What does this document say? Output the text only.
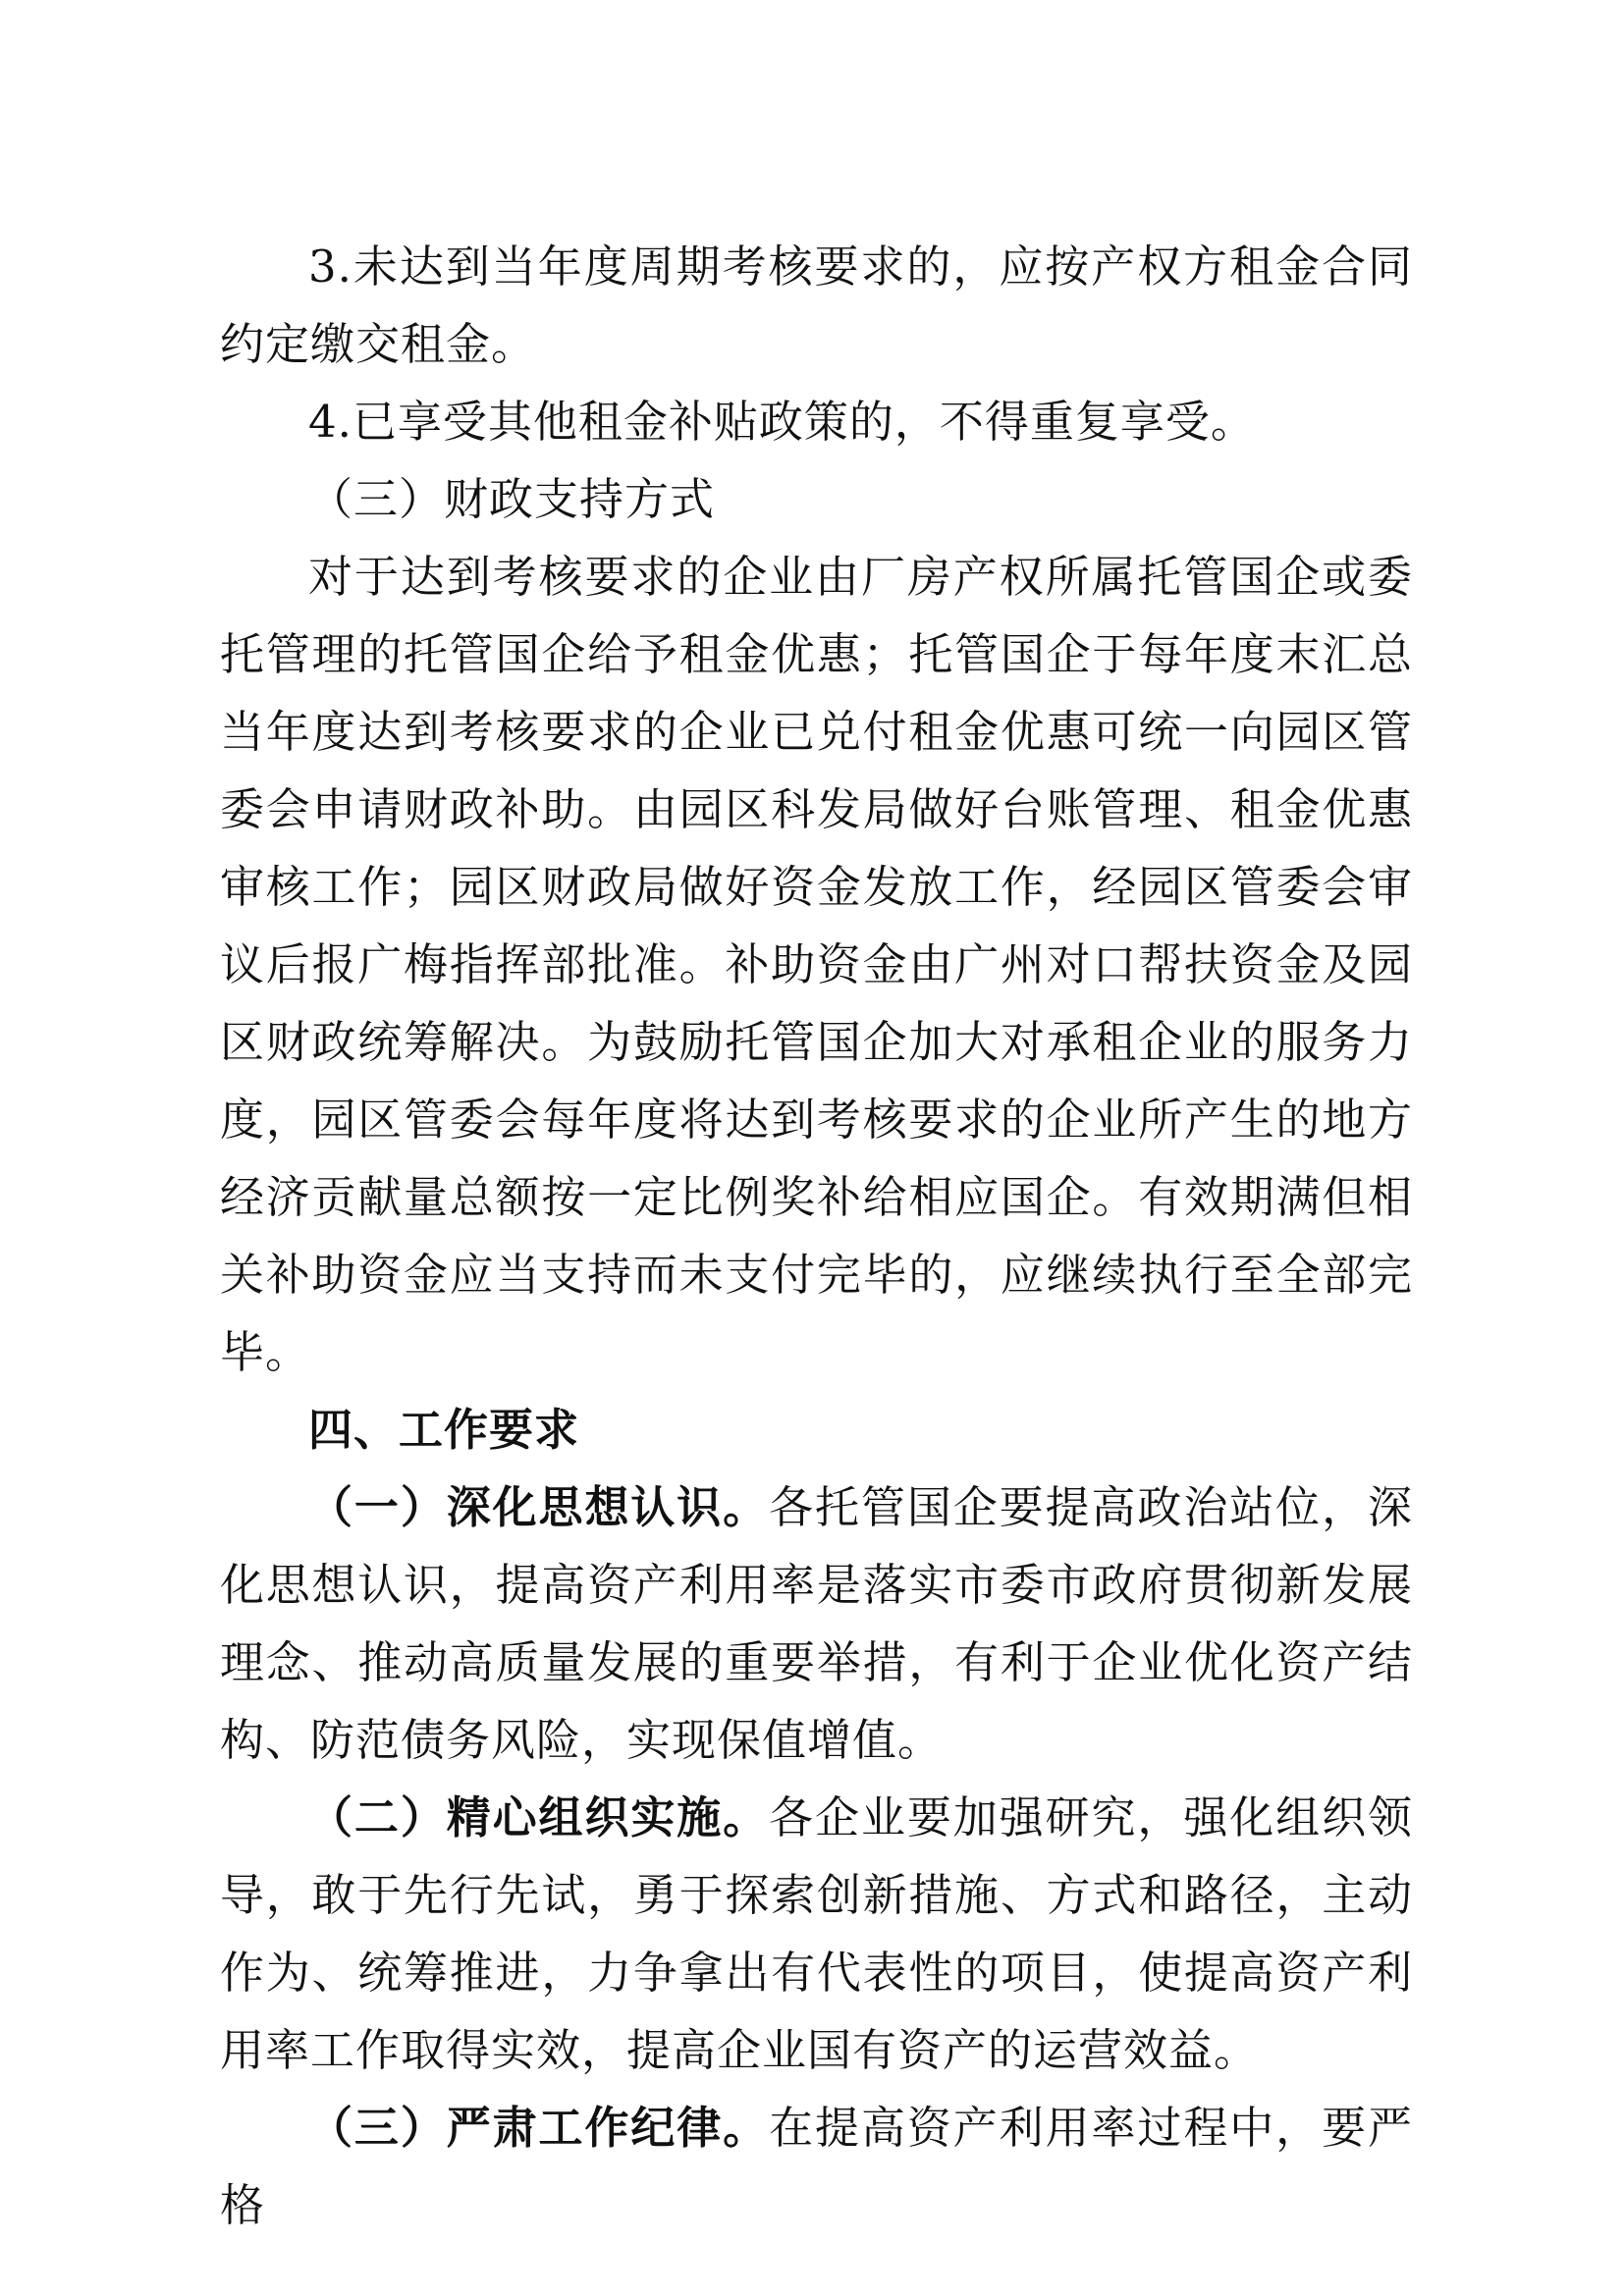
3.未达到当年度周期考核要求的，应按产权方租金合同约定缴交租金。

4.已享受其他租金补贴政策的，不得重复享受。

（三）财政支持方式

对于达到考核要求的企业由厂房产权所属托管国企或委托管理的托管国企给予租金优惠；托管国企于每年度末汇总当年度达到考核要求的企业已兑付租金优惠可统一向园区管委会申请财政补助。由园区科发局做好台账管理、租金优惠审核工作；园区财政局做好资金发放工作，经园区管委会审议后报广梅指挥部批准。补助资金由广州对口帮扶资金及园区财政统筹解决。为鼓励托管国企加大对承租企业的服务力度，园区管委会每年度将达到考核要求的企业所产生的地方经济贡献量总额按一定比例奖补给相应国企。有效期满但相关补助资金应当支持而未支付完毕的，应继续执行至全部完毕。

四、工作要求

（一）深化思想认识。各托管国企要提高政治站位，深化思想认识，提高资产利用率是落实市委市政府贯彻新发展理念、推动高质量发展的重要举措，有利于企业优化资产结构、防范债务风险，实现保值增值。

（二）精心组织实施。各企业要加强研究，强化组织领导，敢于先行先试，勇于探索创新措施、方式和路径，主动作为、统筹推进，力争拿出有代表性的项目，使提高资产利用率工作取得实效，提高企业国有资产的运营效益。

（三）严肃工作纪律。在提高资产利用率过程中，要严格
